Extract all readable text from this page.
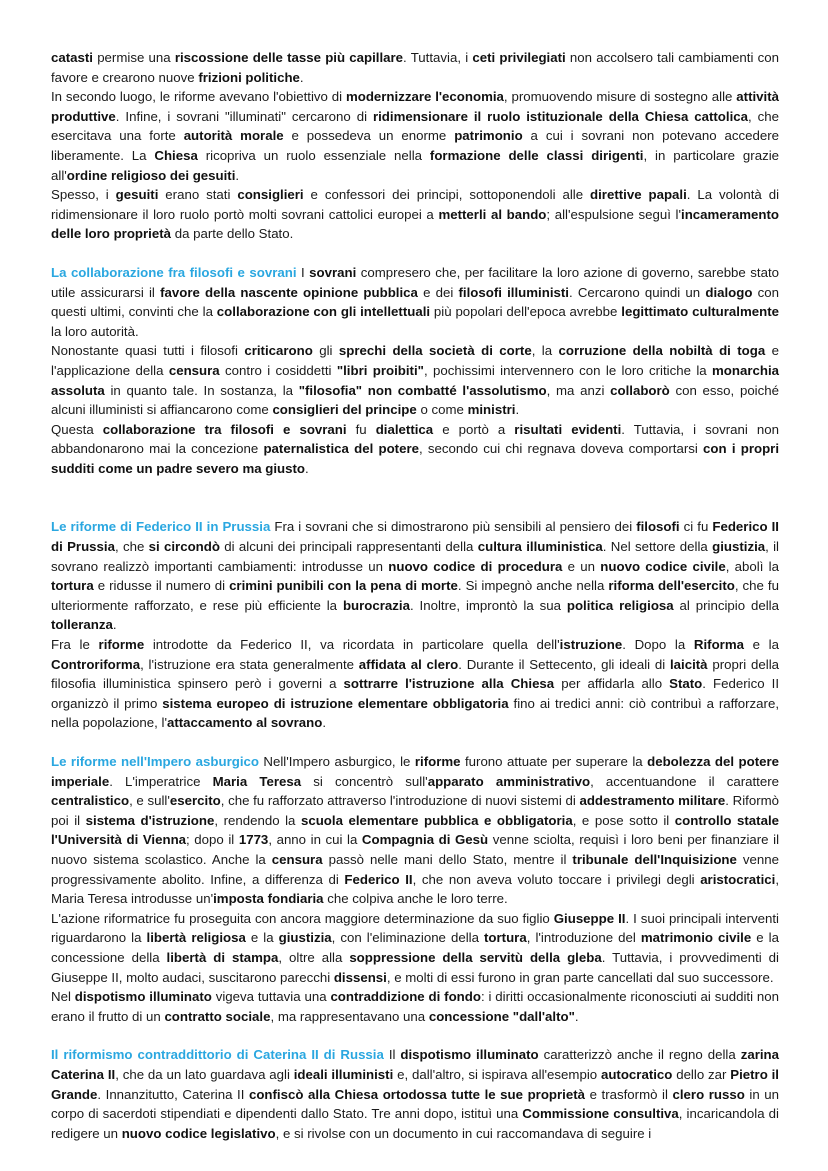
catasti permise una riscossione delle tasse più capillare. Tuttavia, i ceti privilegiati non accolsero tali cambiamenti con favore e crearono nuove frizioni politiche.

In secondo luogo, le riforme avevano l'obiettivo di modernizzare l'economia, promuovendo misure di sostegno alle attività produttive. Infine, i sovrani "illuminati" cercarono di ridimensionare il ruolo istituzionale della Chiesa cattolica, che esercitava una forte autorità morale e possedeva un enorme patrimonio a cui i sovrani non potevano accedere liberamente. La Chiesa ricopriva un ruolo essenziale nella formazione delle classi dirigenti, in particolare grazie all'ordine religioso dei gesuiti.

Spesso, i gesuiti erano stati consiglieri e confessori dei principi, sottoponendoli alle direttive papali. La volontà di ridimensionare il loro ruolo portò molti sovrani cattolici europei a metterli al bando; all'espulsione seguì l'incameramento delle loro proprietà da parte dello Stato.

La collaborazione fra filosofi e sovrani I sovrani compresero che, per facilitare la loro azione di governo, sarebbe stato utile assicurarsi il favore della nascente opinione pubblica e dei filosofi illuministi. Cercarono quindi un dialogo con questi ultimi, convinti che la collaborazione con gli intellettuali più popolari dell'epoca avrebbe legittimato culturalmente la loro autorità.

Nonostante quasi tutti i filosofi criticarono gli sprechi della società di corte, la corruzione della nobiltà di toga e l'applicazione della censura contro i cosiddetti "libri proibiti", pochissimi intervennero con le loro critiche la monarchia assoluta in quanto tale. In sostanza, la "filosofia" non combatté l'assolutismo, ma anzi collaborò con esso, poiché alcuni illuministi si affiancarono come consiglieri del principe o come ministri.

Questa collaborazione tra filosofi e sovrani fu dialettica e portò a risultati evidenti. Tuttavia, i sovrani non abbandonarono mai la concezione paternalistica del potere, secondo cui chi regnava doveva comportarsi con i propri sudditi come un padre severo ma giusto.

Le riforme di Federico II in Prussia Fra i sovrani che si dimostrarono più sensibili al pensiero dei filosofi ci fu Federico II di Prussia, che si circondò di alcuni dei principali rappresentanti della cultura illuministica. Nel settore della giustizia, il sovrano realizzò importanti cambiamenti: introdusse un nuovo codice di procedura e un nuovo codice civile, abolì la tortura e ridusse il numero di crimini punibili con la pena di morte. Si impegnò anche nella riforma dell'esercito, che fu ulteriormente rafforzato, e rese più efficiente la burocrazia. Inoltre, improntò la sua politica religiosa al principio della tolleranza.

Fra le riforme introdotte da Federico II, va ricordata in particolare quella dell'istruzione. Dopo la Riforma e la Controriforma, l'istruzione era stata generalmente affidata al clero. Durante il Settecento, gli ideali di laicità propri della filosofia illuministica spinsero però i governi a sottrarre l'istruzione alla Chiesa per affidarla allo Stato. Federico II organizzò il primo sistema europeo di istruzione elementare obbligatoria fino ai tredici anni: ciò contribuì a rafforzare, nella popolazione, l'attaccamento al sovrano.

Le riforme nell'Impero asburgico Nell'Impero asburgico, le riforme furono attuate per superare la debolezza del potere imperiale. L'imperatrice Maria Teresa si concentrò sull'apparato amministrativo, accentuandone il carattere centralistico, e sull'esercito, che fu rafforzato attraverso l'introduzione di nuovi sistemi di addestramento militare. Riformò poi il sistema d'istruzione, rendendo la scuola elementare pubblica e obbligatoria, e pose sotto il controllo statale l'Università di Vienna; dopo il 1773, anno in cui la Compagnia di Gesù venne sciolta, requisì i loro beni per finanziare il nuovo sistema scolastico. Anche la censura passò nelle mani dello Stato, mentre il tribunale dell'Inquisizione venne progressivamente abolito. Infine, a differenza di Federico II, che non aveva voluto toccare i privilegi degli aristocratici, Maria Teresa introdusse un'imposta fondiaria che colpiva anche le loro terre.

L'azione riformatrice fu proseguita con ancora maggiore determinazione da suo figlio Giuseppe II. I suoi principali interventi riguardarono la libertà religiosa e la giustizia, con l'eliminazione della tortura, l'introduzione del matrimonio civile e la concessione della libertà di stampa, oltre alla soppressione della servitù della gleba. Tuttavia, i provvedimenti di Giuseppe II, molto audaci, suscitarono parecchi dissensi, e molti di essi furono in gran parte cancellati dal suo successore.

Nel dispotismo illuminato vigeva tuttavia una contraddizione di fondo: i diritti occasionalmente riconosciuti ai sudditi non erano il frutto di un contratto sociale, ma rappresentavano una concessione "dall'alto".

Il riformismo contraddittorio di Caterina II di Russia Il dispotismo illuminato caratterizzò anche il regno della zarina Caterina II, che da un lato guardava agli ideali illuministi e, dall'altro, si ispirava all'esempio autocratico dello zar Pietro il Grande. Innanzitutto, Caterina II confiscò alla Chiesa ortodossa tutte le sue proprietà e trasformò il clero russo in un corpo di sacerdoti stipendiati e dipendenti dallo Stato. Tre anni dopo, istituì una Commissione consultiva, incaricandola di redigere un nuovo codice legislativo, e si rivolse con un documento in cui raccomandava di seguire i
